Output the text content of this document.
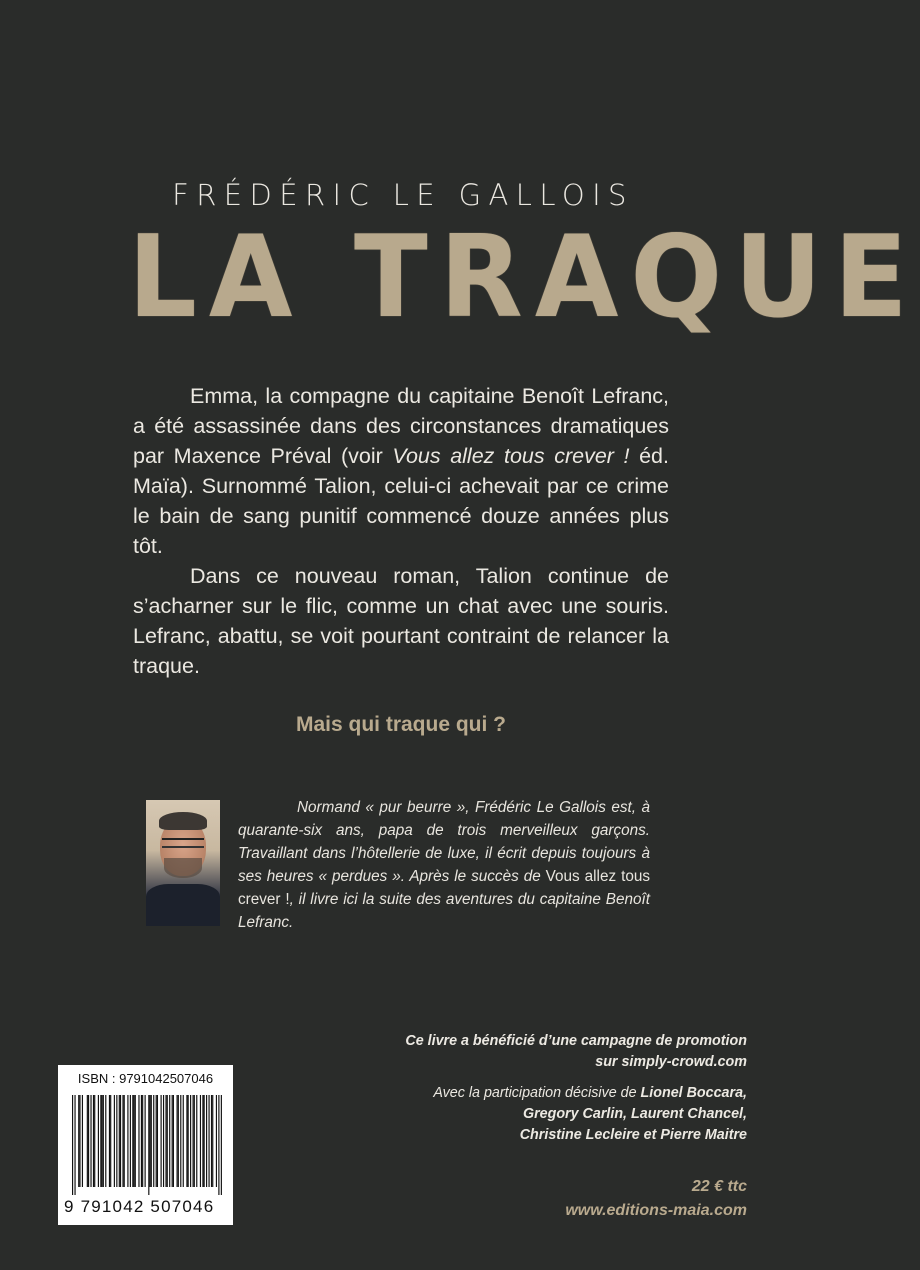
FRÉDÉRIC LE GALLOIS
LA TRAQUE

Emma, la compagne du capitaine Benoît Lefranc, a été assassinée dans des circonstances dramatiques par Maxence Préval (voir Vous allez tous crever ! éd. Maïa). Surnommé Talion, celui-ci achevait par ce crime le bain de sang punitif commencé douze années plus tôt.

Dans ce nouveau roman, Talion continue de s’acharner sur le flic, comme un chat avec une souris. Lefranc, abattu, se voit pourtant contraint de relancer la traque.

Mais qui traque qui ?

Normand « pur beurre », Frédéric Le Gallois est, à quarante-six ans, papa de trois merveilleux garçons. Travaillant dans l’hôtellerie de luxe, il écrit depuis toujours à ses heures « perdues ». Après le succès de Vous allez tous crever !, il livre ici la suite des aventures du capitaine Benoît Lefranc.

Ce livre a bénéficié d’une campagne de promotion
sur simply-crowd.com
Avec la participation décisive de Lionel Boccara,
Gregory Carlin, Laurent Chancel,
Christine Lecleire et Pierre Maitre
22 € ttc
www.editions-maia.com
ISBN : 9791042507046
9 791042 507046
